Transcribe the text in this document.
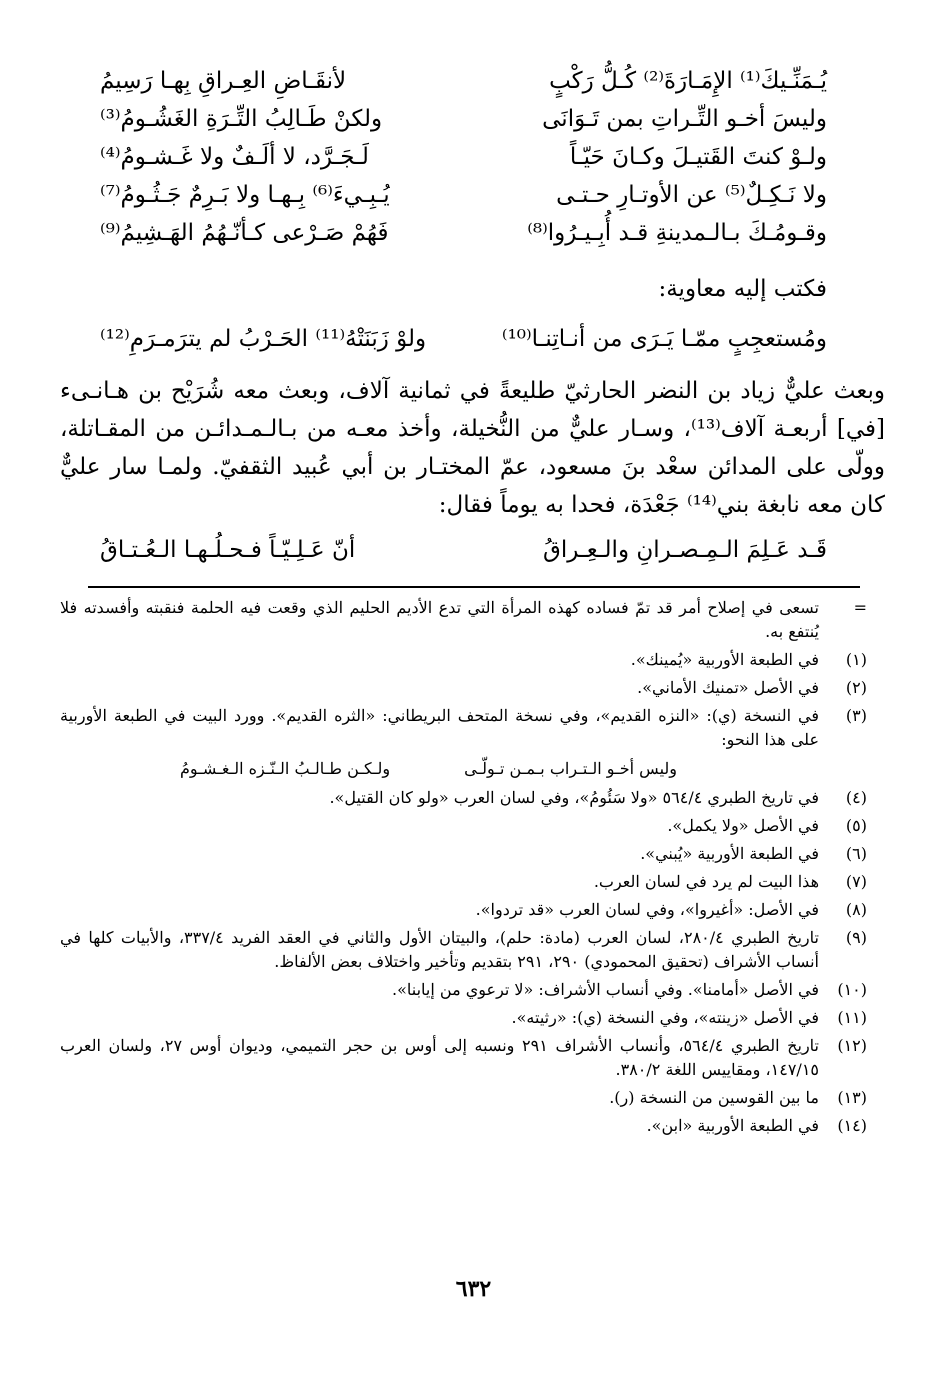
يُـمَنِّـيكَ⁽¹⁾ الإِمَـارَةَ⁽²⁾ كُـلُّ رَكْبٍ
لأنقَـاضِ العِـراقِ بِهـا رَسِيمُ
وليسَ أخـو التِّـراتِ بمن تَـوَانَى
ولكنْ طَـالِبُ التِّـرَةِ الغَشُـومُ⁽³⁾
ولـوْ كنتَ القَتيـلَ وكـانَ حَيّـاً
لَـجَـرَّد، لا ألَـفٌ ولا غَـشـومُ⁽⁴⁾
ولا نَـكِـلٌ⁽⁵⁾ عن الأوتـارِ حـتـى
يُـبِـيءَ⁽⁶⁾ بِـهـا ولا بَـرِمٌ جَـثُـومُ⁽⁷⁾
وقـومُـكَ بـالـمدينةِ قـد أُبِـيـرُوا⁽⁸⁾
فَهُمْ صَـرْعى كـأنّـهُمُ الهَـشِيمُ⁽⁹⁾
فكتب إليه معاوية:
ومُستعجِبٍ ممّـا يَـرَى من أنـاتِنـا⁽¹⁰⁾
ولوْ زَبَنَتْهُ⁽¹¹⁾ الحَـرْبُ لم يترَمـرَمِ⁽¹²⁾
وبعث عليٌّ زياد بن النضر الحارثيّ طليعةً في ثمانية آلاف، وبعث معه شُرَيْح بن هـانـىء [في] أربعـة آلاف⁽¹³⁾، وسـار عليٌّ من النُّخيلة، وأخذ معـه من بـالـمـدائـن من المقـاتلة، وولّى على المدائن سعْد بنَ مسعود، عمّ المختـار بن أبي عُبيد الثقفيّ. ولمـا سار عليٌّ كان معه نابغة بني⁽¹⁴⁾ جَعْدَة، فحدا به يوماً فقال:
قَـد عَـلِمَ الـمِـصـرانِ والـعِـراقُ
أنّ عَـلِـيّـاً فـحـلُـهـا الـعُـتـاقُ
=
تسعى في إصلاح أمر قد تمّ فساده كهذه المرأة التي تدع الأديم الحليم الذي وقعت فيه الحلمة فنقبته وأفسدته فلا يُنتفع به.
(١)
في الطبعة الأوربية «يُمينك».
(٢)
في الأصل «تمنيك الأماني».
(٣)
في النسخة (ي): «النزه القديم»، وفي نسخة المتحف البريطاني: «الثره القديم». وورد البيت في الطبعة الأوربية على هذا النحو:
وليس أخـو الـتـراب بـمـن تـولّـى
ولـكـن طـالـبُ الـنّـزه الـغـشـومُ
(٤)
في تاريخ الطبري ٥٦٤/٤ «ولا سَئُومُ»، وفي لسان العرب «ولو كان القتيل».
(٥)
في الأصل «ولا يكمل».
(٦)
في الطبعة الأوربية «يُبني».
(٧)
هذا البيت لم يرد في لسان العرب.
(٨)
في الأصل: «أغيروا»، وفي لسان العرب «قد تردوا».
(٩)
تاريخ الطبري ٢٨٠/٤، لسان العرب (مادة: حلم)، والبيتان الأول والثاني في العقد الفريد ٣٣٧/٤، والأبيات كلها في أنساب الأشراف (تحقيق المحمودي) ٢٩٠، ٢٩١ بتقديم وتأخير واختلاف بعض الألفاظ.
(١٠)
في الأصل «أمامنا». وفي أنساب الأشراف: «لا ترعوي من إيابنا».
(١١)
في الأصل «زينته»، وفي النسخة (ي): «رثيته».
(١٢)
تاريخ الطبري ٥٦٤/٤، وأنساب الأشراف ٢٩١ ونسبه إلى أوس بن حجر التميمي، وديوان أوس ٢٧، ولسان العرب ١٤٧/١٥، ومقاييس اللغة ٣٨٠/٢.
(١٣)
ما بين القوسين من النسخة (ر).
(١٤)
في الطبعة الأوربية «ابن».
٦٣٢
